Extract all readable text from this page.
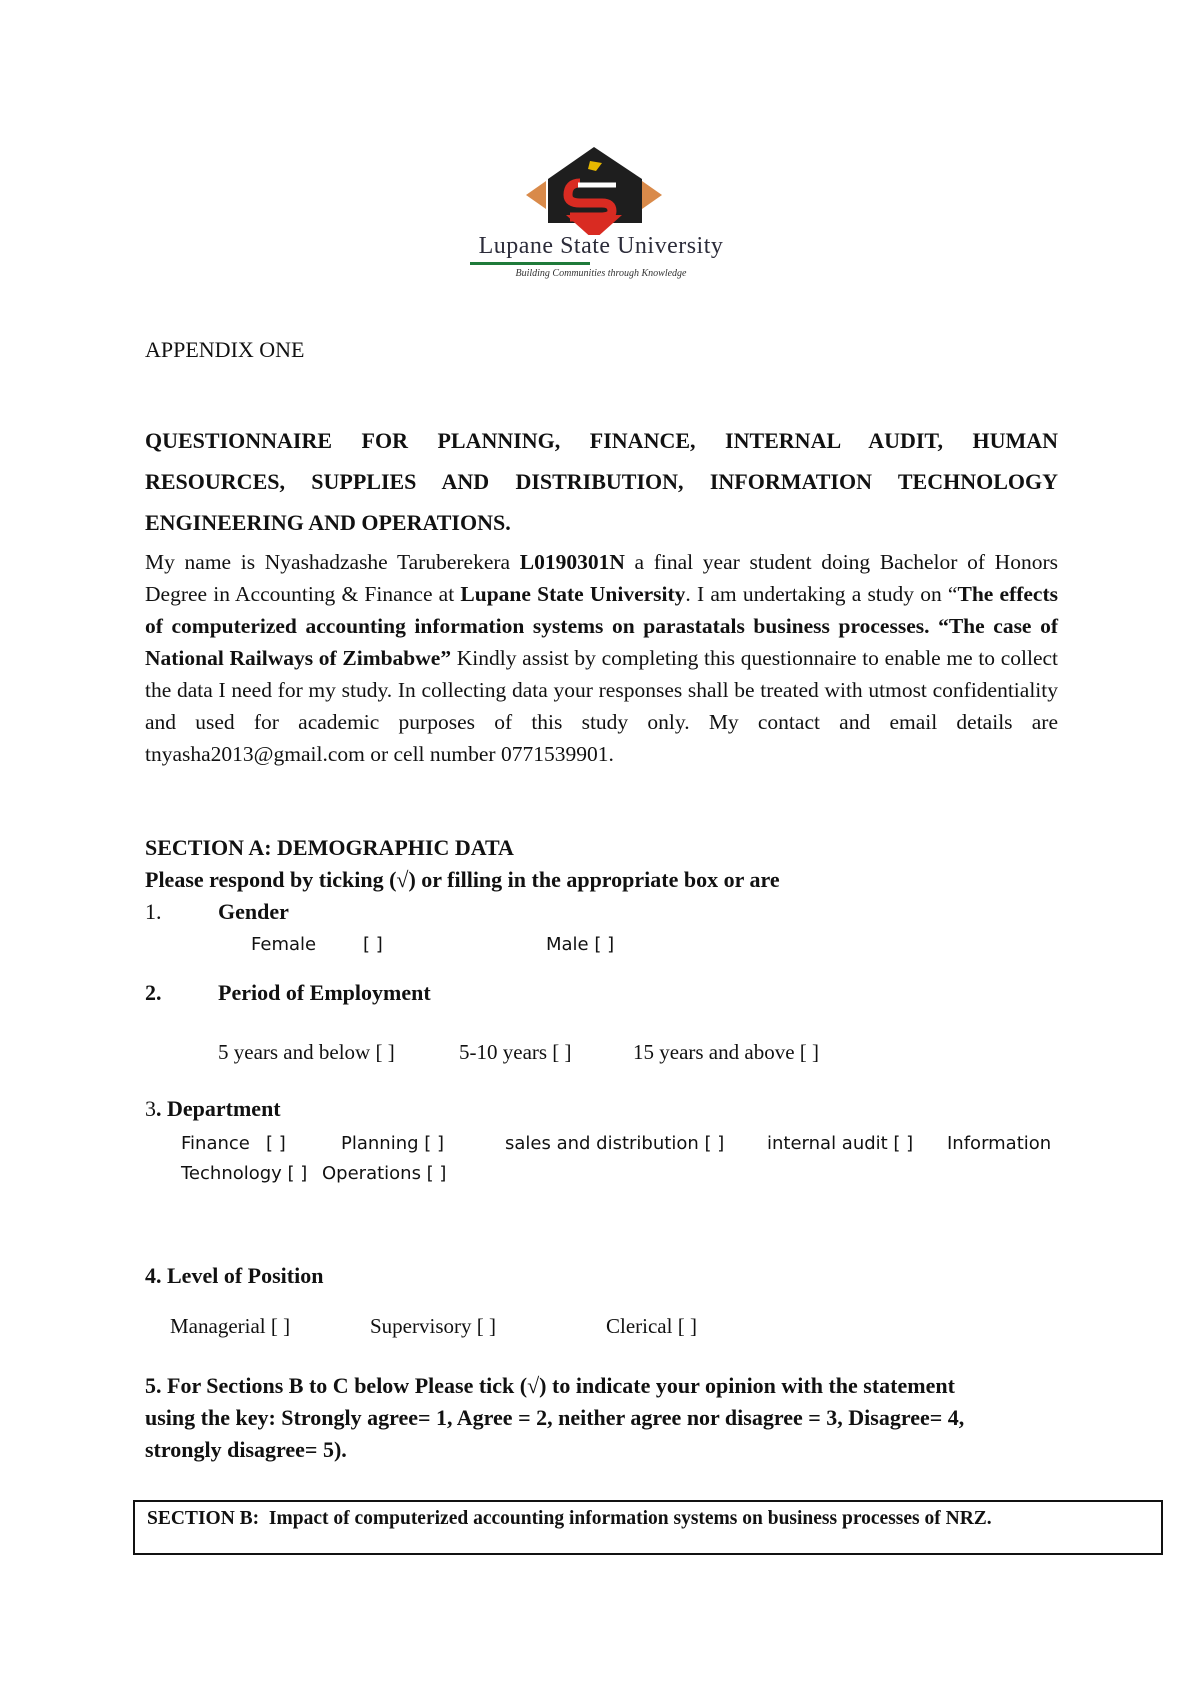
Lupane State University
Building Communities through Knowledge
APPENDIX ONE
QUESTIONNAIRE FOR PLANNING, FINANCE, INTERNAL AUDIT, HUMAN
RESOURCES, SUPPLIES AND DISTRIBUTION, INFORMATION TECHNOLOGY
ENGINEERING AND OPERATIONS.
My name is Nyashadzashe Taruberekera L0190301N a final year student doing Bachelor of Honors Degree in Accounting & Finance at Lupane State University. I am undertaking a study on “The effects of computerized accounting information systems on parastatals business processes. “The case of National Railways of Zimbabwe” Kindly assist by completing this questionnaire to enable me to collect the data I need for my study. In collecting data your responses shall be treated with utmost confidentiality and used for academic purposes of this study only. My contact and email details are tnyasha2013@gmail.com or cell number 0771539901.
SECTION A: DEMOGRAPHIC DATA
Please respond by ticking (√) or filling in the appropriate box or are
1.	Gender
Female	[ ]	Male [ ]
2.	Period of Employment
5 years and below [ ]	5-10 years [ ]	15 years and above [ ]
3. Department
Finance [ ]	Planning [ ]	sales and distribution [ ] internal audit [ ] Information
Technology [ ] Operations [ ]
4. Level of Position
Managerial [ ]	Supervisory [ ]	Clerical [ ]
5. For Sections B to C below Please tick (√) to indicate your opinion with the statement
using the key: Strongly agree= 1, Agree = 2, neither agree nor disagree = 3, Disagree= 4,
strongly disagree= 5).
SECTION B: Impact of computerized accounting information systems on business processes of NRZ.
